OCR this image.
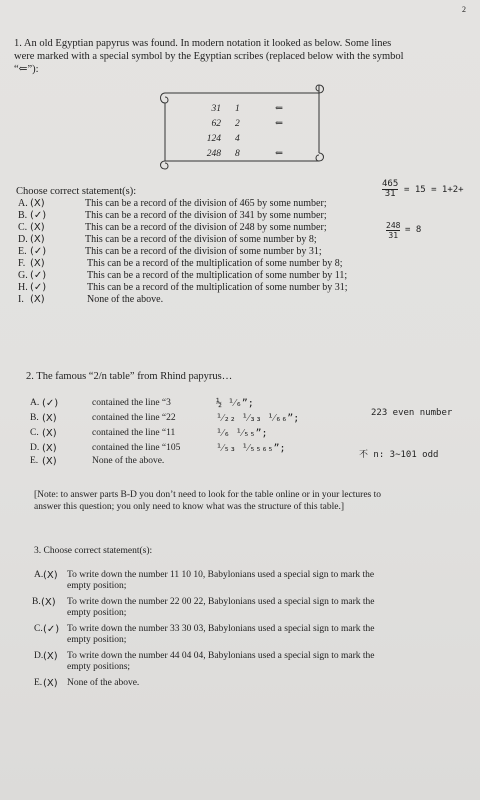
2
1. An old Egyptian papyrus was found. In modern notation it looked as below. Some lines
were marked with a special symbol by the Egyptian scribes (replaced below with the symbol
“⇐”):
31 1	⇐
62 2	⇐
124 4
248 8	⇐
Choose correct statement(s):
465
31 = 15 = 1+2+
248
31
= 8
A. (X)	This can be a record of the division of 465 by some number;
B. (✓)	This can be a record of the division of 341 by some number;
C. (X)	This can be a record of the division of 248 by some number;
D. (X)	This can be a record of the division of some number by 8;
E. (✓)	This can be a record of the division of some number by 31;
F. (X)	This can be a record of the multiplication of some number by 8;
G. (✓)	This can be a record of the multiplication of some number by 11;
H. (✓)	This can be a record of the multiplication of some number by 31;
I. (X)	None of the above.
2. The famous “2/n table” from Rhind papyrus…
A. (✓)	contained the line “3	½ ¹⁄₆”;
B. (X)	contained the line “22	¹⁄₂₂ ¹⁄₃₃ ¹⁄₆₆”;
C. (X)	contained the line “11	¹⁄₆ ¹⁄₅₅”;
D. (X)	contained the line “105	¹⁄₅₃ ¹⁄₅₅₆₅”;
E. (X)	None of the above.
223 even number
不 n: 3∼101 odd
[Note: to answer parts B-D you don’t need to look for the table online or in your lectures to
answer this question; you only need to know what was the structure of this table.]
3. Choose correct statement(s):
A. (X) To write down the number 11 10 10, Babylonians used a special sign to mark the
empty position;
B. (X) To write down the number 22 00 22, Babylonians used a special sign to mark the
empty position;
C. (✓) To write down the number 33 30 03, Babylonians used a special sign to mark the
empty position;
D. (X) To write down the number 44 04 04, Babylonians used a special sign to mark the
empty positions;
E. (X) None of the above.
